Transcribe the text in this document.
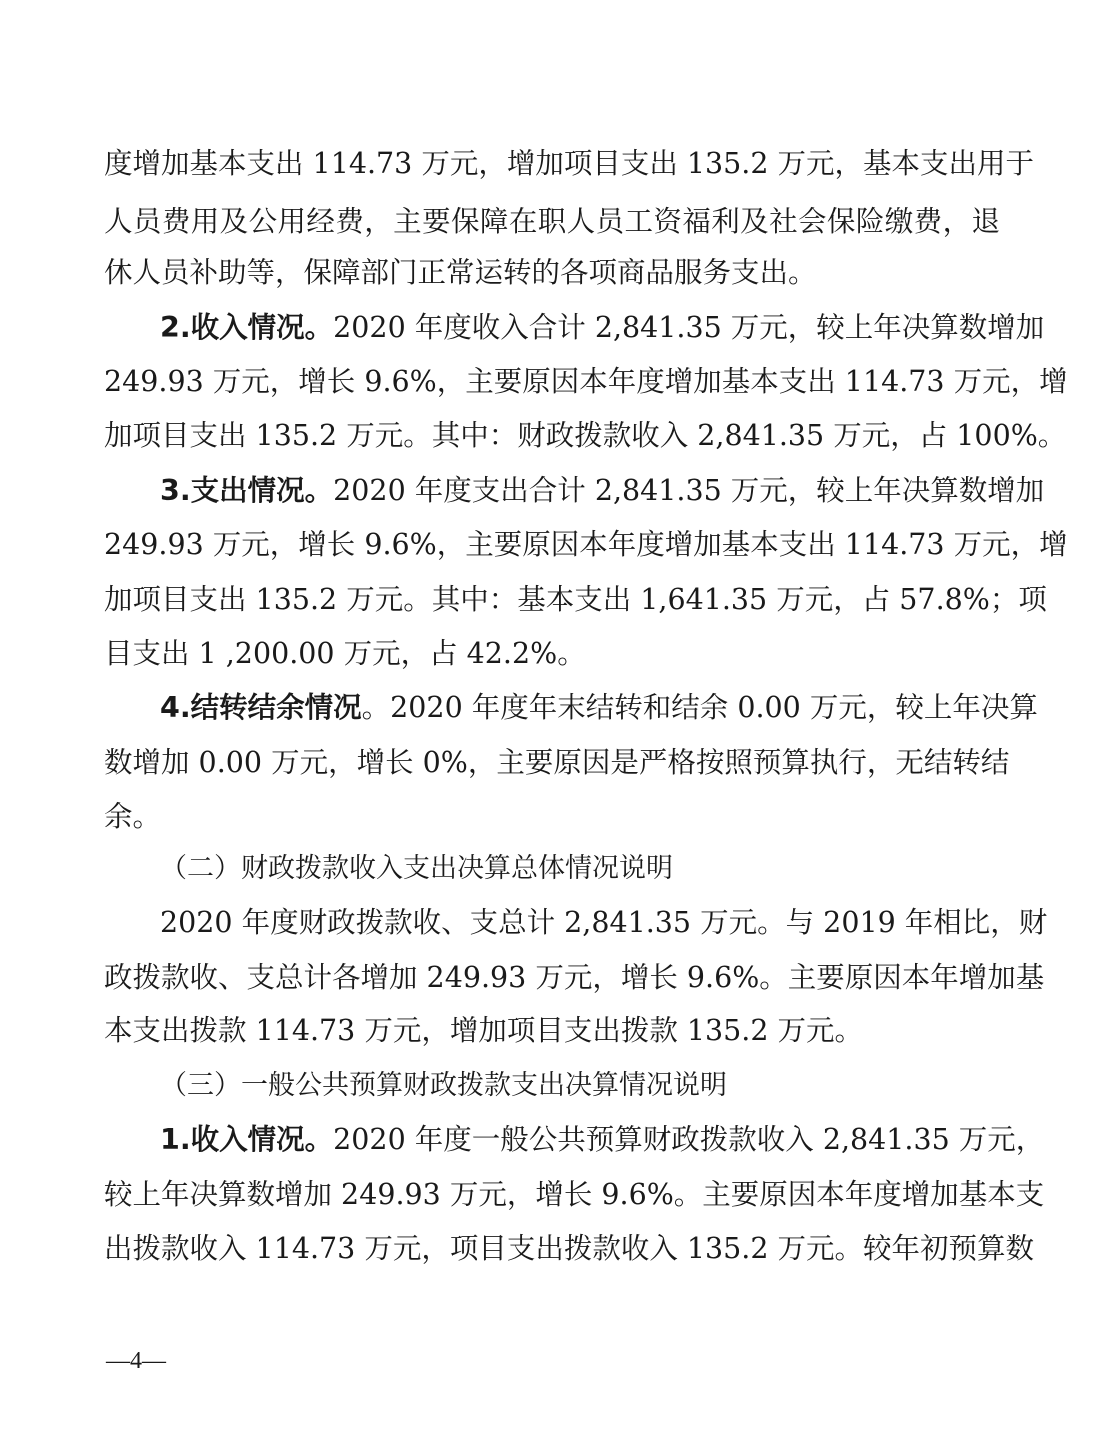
度增加基本支出 114.73 万元，增加项目支出 135.2 万元，基本支出用于
人员费用及公用经费，主要保障在职人员工资福利及社会保险缴费，退
休人员补助等，保障部门正常运转的各项商品服务支出。
2.收入情况。2020 年度收入合计 2,841.35 万元，较上年决算数增加
249.93 万元，增长 9.6%，主要原因本年度增加基本支出 114.73 万元，增
加项目支出 135.2 万元。其中：财政拨款收入 2,841.35 万元，占 100%。
3.支出情况。2020 年度支出合计 2,841.35 万元，较上年决算数增加
249.93 万元，增长 9.6%，主要原因本年度增加基本支出 114.73 万元，增
加项目支出 135.2 万元。其中：基本支出 1,641.35 万元，占 57.8%；项
目支出 1 ,200.00 万元，占 42.2%。
4.结转结余情况。2020 年度年末结转和结余 0.00 万元，较上年决算
数增加 0.00 万元，增长 0%，主要原因是严格按照预算执行，无结转结
余。
（二）财政拨款收入支出决算总体情况说明
2020 年度财政拨款收、支总计 2,841.35 万元。与 2019 年相比，财
政拨款收、支总计各增加 249.93 万元，增长 9.6%。主要原因本年增加基
本支出拨款 114.73 万元，增加项目支出拨款 135.2 万元。
（三）一般公共预算财政拨款支出决算情况说明
1.收入情况。2020 年度一般公共预算财政拨款收入 2,841.35 万元，
较上年决算数增加 249.93 万元，增长 9.6%。主要原因本年度增加基本支
出拨款收入 114.73 万元，项目支出拨款收入 135.2 万元。较年初预算数
—4—
